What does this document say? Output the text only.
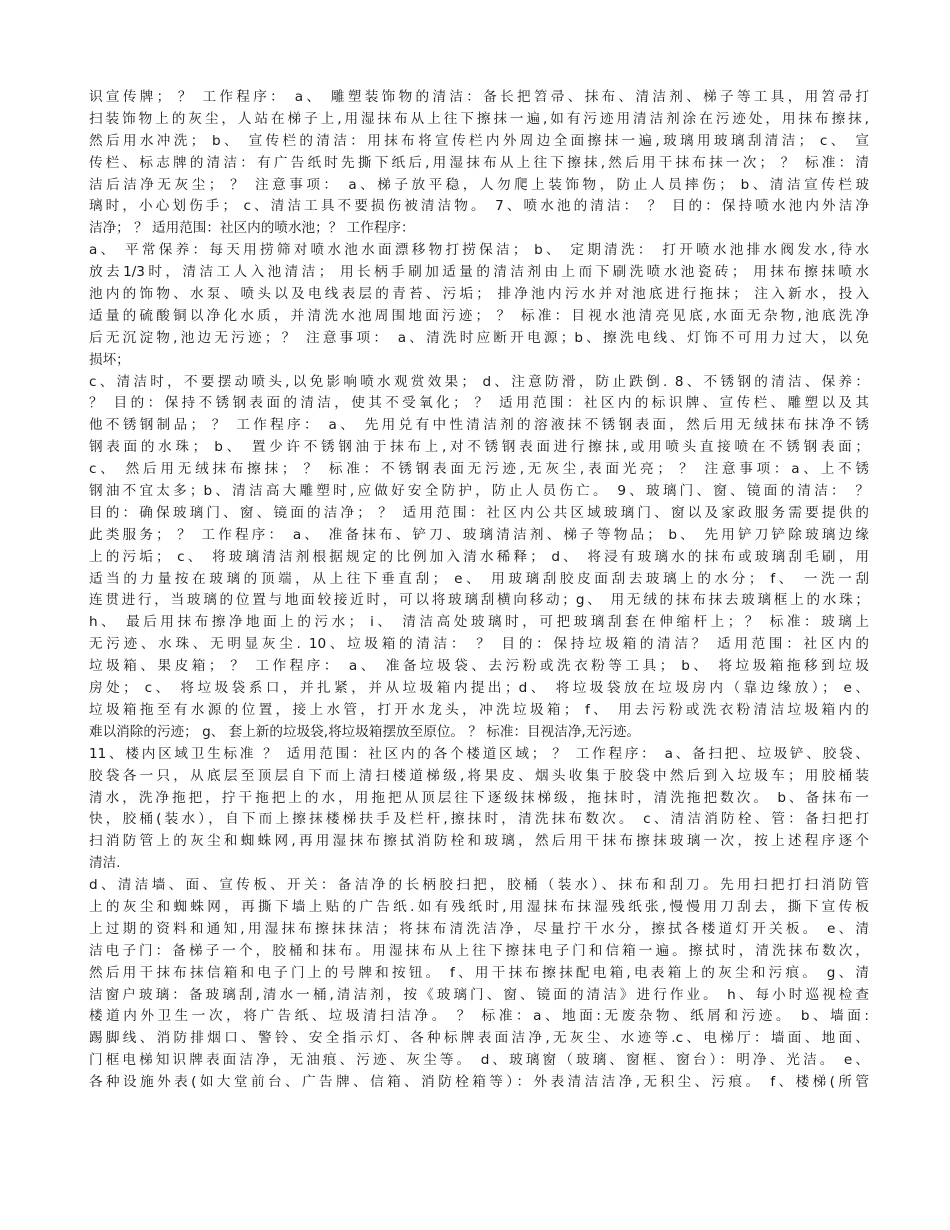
识宣传牌； ？ 工作程序： a、 雕塑装饰物的清洁：备长把笤帚、抹布、清洁剂、梯子等工具，用笤帚打
扫装饰物上的灰尘，人站在梯子上,用湿抹布从上往下擦抹一遍,如有污迹用清洁剂涂在污迹处，用抹布擦抹,
然后用水冲洗； b、 宣传栏的清洁：用抹布将宣传栏内外周边全面擦抹一遍,玻璃用玻璃刮清洁； c、 宣
传栏、标志牌的清洁：有广告纸时先撕下纸后,用湿抹布从上往下擦抹,然后用干抹布抹一次； ？ 标准：清
洁后洁净无灰尘； ？ 注意事项： a、梯子放平稳，人勿爬上装饰物，防止人员摔伤； b、清洁宣传栏玻
璃时，小心划伤手； c、清洁工具不要损伤被清洁物。 7、喷水池的清洁： ？ 目的：保持喷水池内外洁净
洁净； ？ 适用范围：社区内的喷水池；？ 工作程序：
a、 平常保养：每天用捞筛对喷水池水面漂移物打捞保洁； b、 定期清洗： 打开喷水池排水阀发水,待水
放去1/3时，清洁工人入池清洁； 用长柄手刷加适量的清洁剂由上而下刷洗喷水池瓷砖； 用抹布擦抹喷水
池内的饰物、水泵、喷头以及电线表层的青苔、污垢； 排净池内污水并对池底进行拖抹； 注入新水，投入
适量的硫酸铜以净化水质，并清洗水池周围地面污迹； ？ 标准：目视水池清亮见底,水面无杂物,池底洗净
后无沉淀物,池边无污迹；？ 注意事项： a、清洗时应断开电源；b、擦洗电线、灯饰不可用力过大，以免
损坏；
c、清洁时，不要摆动喷头,以免影响喷水观赏效果； d、注意防滑，防止跌倒. 8、不锈钢的清洁、保养：
？ 目的：保持不锈钢表面的清洁，使其不受氧化； ？ 适用范围：社区内的标识牌、宣传栏、雕塑以及其
他不锈钢制品； ？ 工作程序： a、 先用兑有中性清洁剂的溶液抹不锈钢表面，然后用无绒抹布抹净不锈
钢表面的水珠； b、 置少许不锈钢油于抹布上,对不锈钢表面进行擦抹,或用喷头直接喷在不锈钢表面；
c、 然后用无绒抹布擦抹； ？ 标准：不锈钢表面无污迹,无灰尘,表面光亮； ？ 注意事项：a、上不锈
钢油不宜太多；b、清洁高大雕塑时,应做好安全防护，防止人员伤亡。 9、玻璃门、窗、镜面的清洁： ？
目的：确保玻璃门、窗、镜面的洁净； ？ 适用范围：社区内公共区域玻璃门、窗以及家政服务需要提供的
此类服务； ？ 工作程序： a、 准备抹布、铲刀、玻璃清洁剂、梯子等物品； b、 先用铲刀铲除玻璃边缘
上的污垢； c、 将玻璃清洁剂根据规定的比例加入清水稀释； d、 将浸有玻璃水的抹布或玻璃刮毛刷，用
适当的力量按在玻璃的顶端，从上往下垂直刮； e、 用玻璃刮胶皮面刮去玻璃上的水分； f、 一洗一刮
连贯进行，当玻璃的位置与地面较接近时，可以将玻璃刮横向移动；g、 用无绒的抹布抹去玻璃框上的水珠；
h、 最后用抹布擦净地面上的污水； i、 清洁高处玻璃时，可把玻璃刮套在伸缩杆上；？ 标准：玻璃上
无污迹、水珠、无明显灰尘. 10、垃圾箱的清洁： ？ 目的：保持垃圾箱的清洁？ 适用范围：社区内的
垃圾箱、果皮箱； ？ 工作程序： a、 准备垃圾袋、去污粉或洗衣粉等工具； b、 将垃圾箱拖移到垃圾
房处； c、 将垃圾袋系口，并扎紧，并从垃圾箱内提出；d、 将垃圾袋放在垃圾房内（靠边缘放）； e、
垃圾箱拖至有水源的位置，接上水管，打开水龙头，冲洗垃圾箱； f、 用去污粉或洗衣粉清洁垃圾箱内的
难以消除的污迹； g、 套上新的垃圾袋,将垃圾箱摆放至原位。 ？ 标准：目视洁净,无污迹。
11、楼内区域卫生标准 ？ 适用范围：社区内的各个楼道区域； ？ 工作程序： a、备扫把、垃圾铲、胶袋、
胶袋各一只，从底层至顶层自下而上清扫楼道梯级,将果皮、烟头收集于胶袋中然后到入垃圾车；用胶桶装
清水，洗净拖把，拧干拖把上的水，用拖把从顶层往下逐级抹梯级，拖抹时，清洗拖把数次。 b、备抹布一
快，胶桶(装水），自下而上擦抹楼梯扶手及栏杆,擦抹时，清洗抹布数次。 c、清洁消防栓、管：备扫把打
扫消防管上的灰尘和蜘蛛网,再用湿抹布擦拭消防栓和玻璃，然后用干抹布擦抹玻璃一次，按上述程序逐个
清洁.
d、清洁墙、面、宣传板、开关：备洁净的长柄胶扫把，胶桶（装水）、抹布和刮刀。先用扫把打扫消防管
上的灰尘和蜘蛛网，再撕下墙上贴的广告纸.如有残纸时,用湿抹布抹湿残纸张,慢慢用刀刮去，撕下宣传板
上过期的资料和通知,用湿抹布擦抹抹洁；将抹布清洗洁净，尽量拧干水分，擦拭各楼道灯开关板。 e、清
洁电子门：备梯子一个，胶桶和抹布。用湿抹布从上往下擦抹电子门和信箱一遍。擦拭时，清洗抹布数次，
然后用干抹布抹信箱和电子门上的号牌和按钮。 f、用干抹布擦抹配电箱,电表箱上的灰尘和污痕。 g、清
洁窗户玻璃：备玻璃刮,清水一桶,清洁剂，按《玻璃门、窗、镜面的清洁》进行作业。 h、每小时巡视检查
楼道内外卫生一次，将广告纸、垃圾清扫洁净。 ？ 标准：a、地面:无废杂物、纸屑和污迹。 b、墙面:
踢脚线、消防排烟口、警铃、安全指示灯、各种标牌表面洁净,无灰尘、水迹等.c、电梯厅：墙面、地面、
门框电梯知识牌表面洁净，无油痕、污迹、灰尘等。 d、玻璃窗（玻璃、窗框、窗台）：明净、光洁。 e、
各种设施外表(如大堂前台、广告牌、信箱、消防栓箱等）：外表清洁洁净,无积尘、污痕。 f、楼梯(所管
